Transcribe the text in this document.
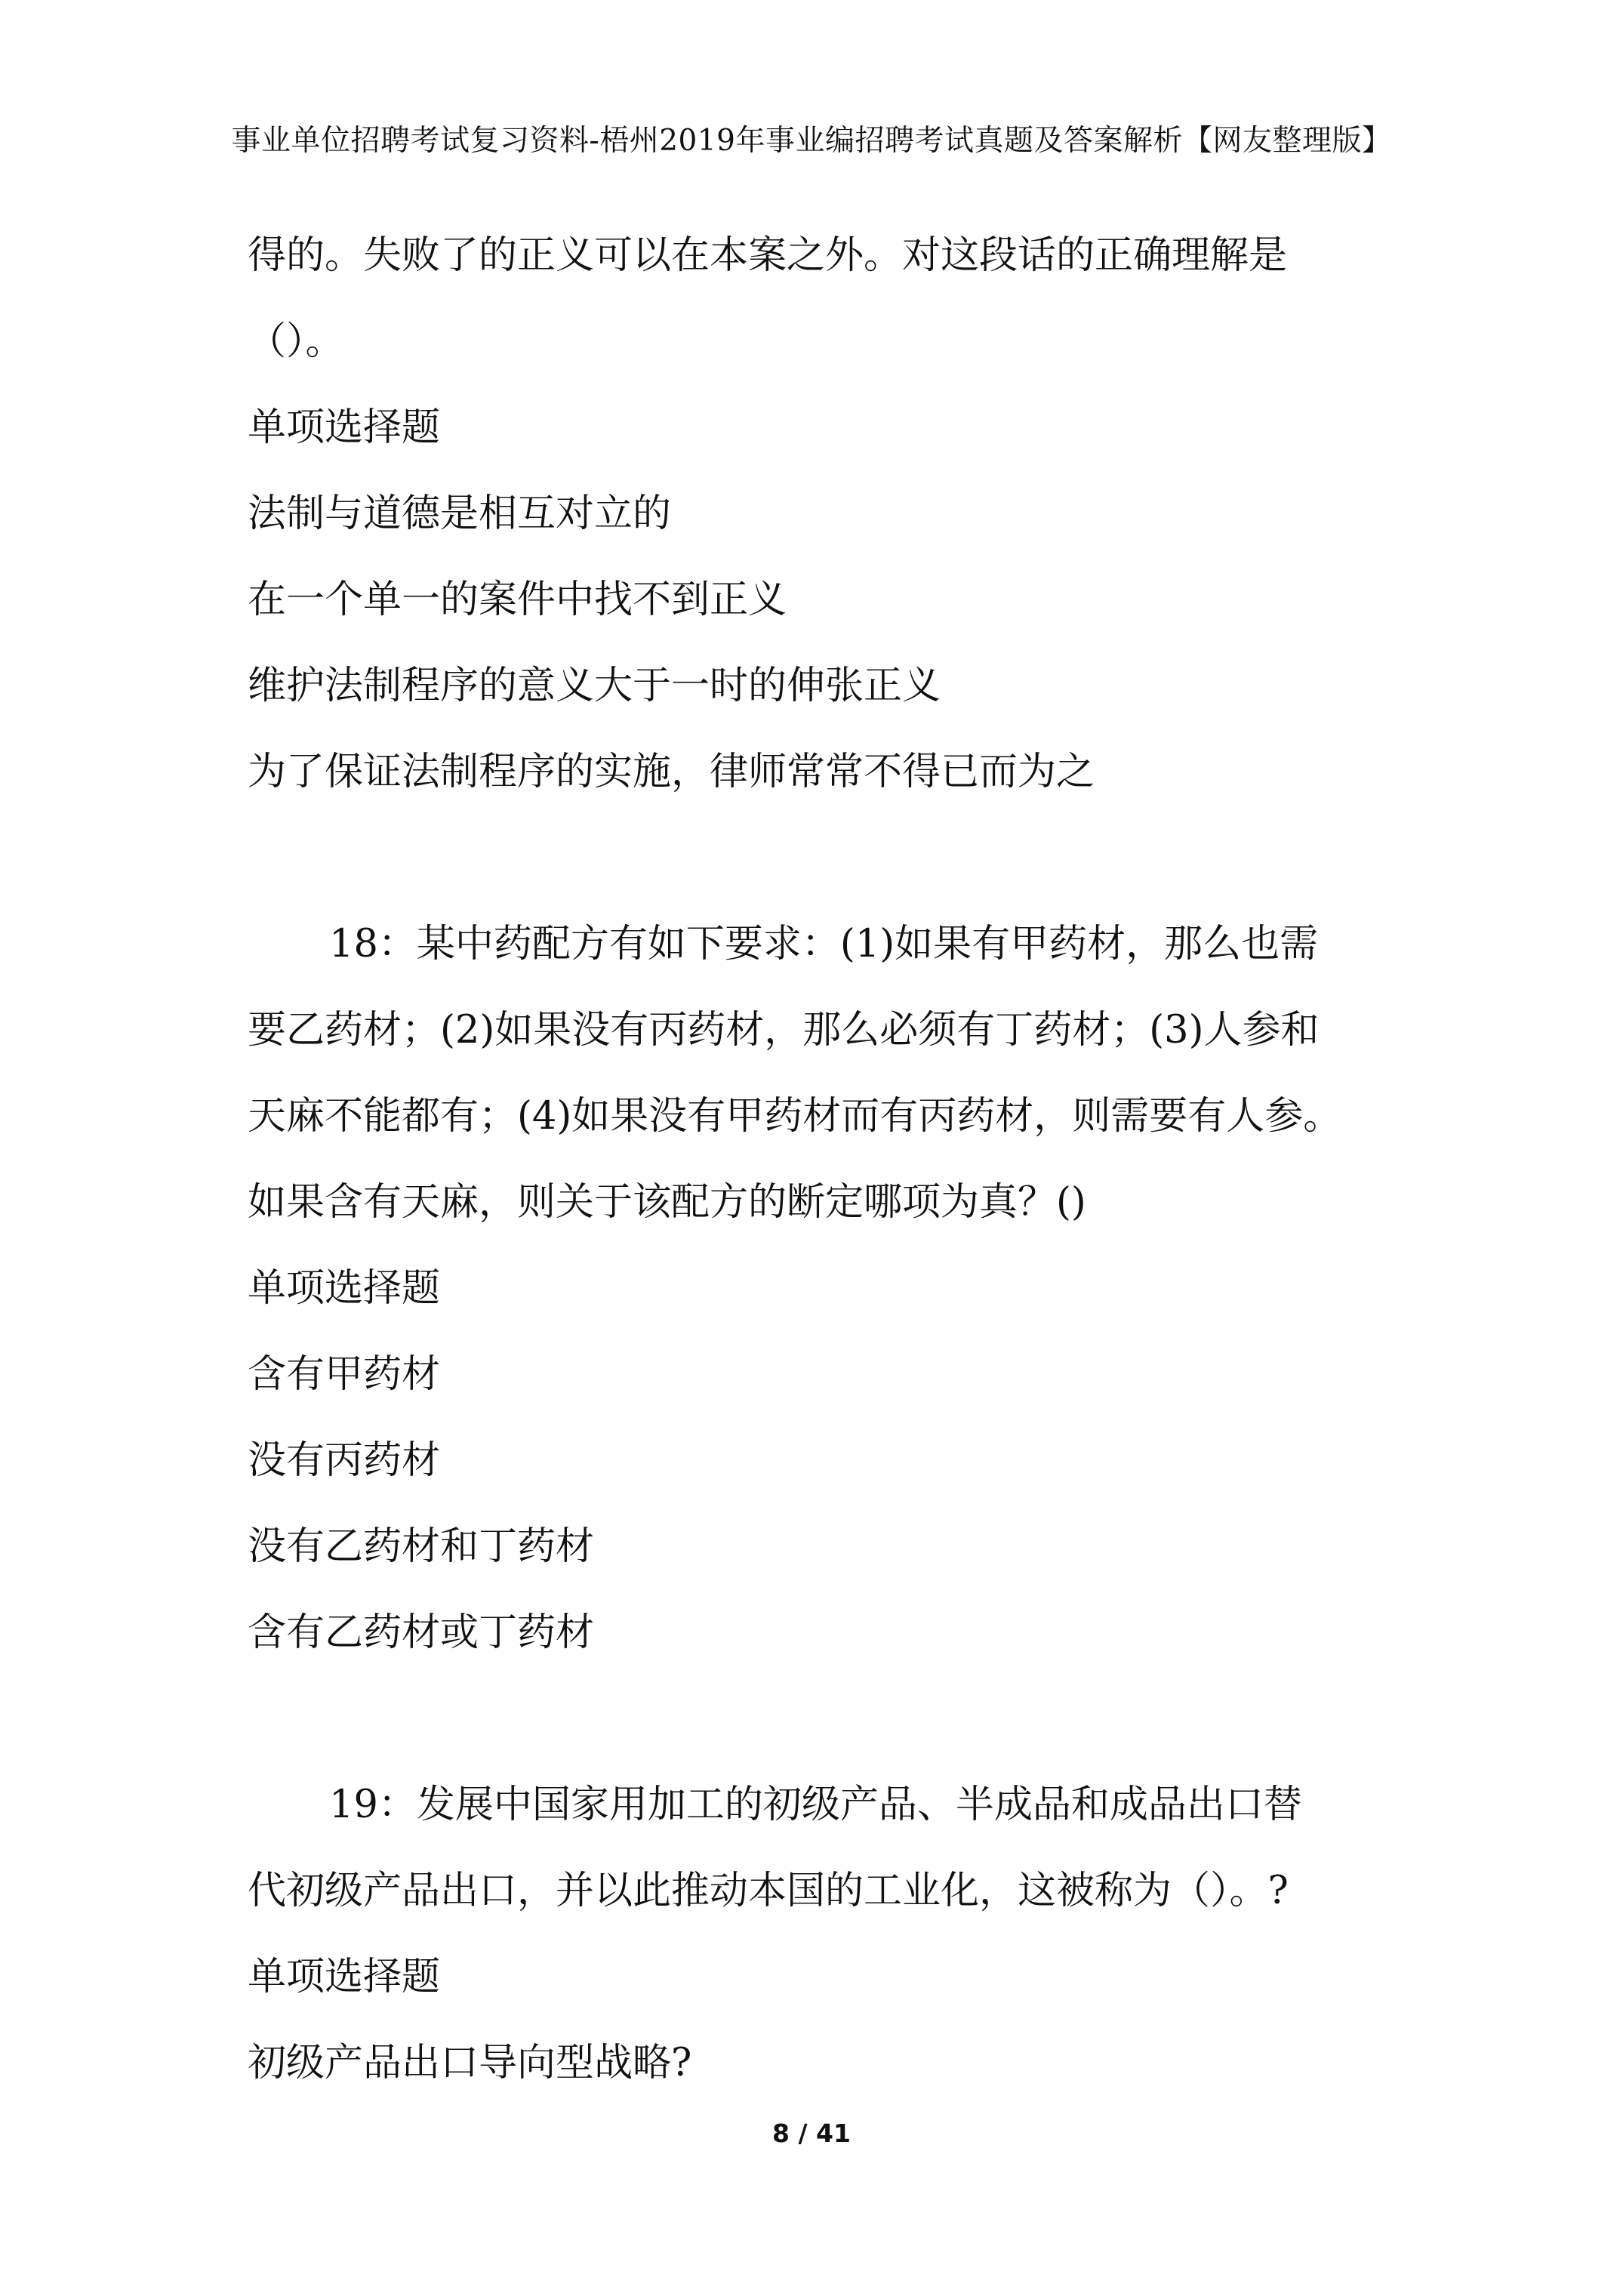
事业单位招聘考试复习资料-梧州2019年事业编招聘考试真题及答案解析【网友整理版】
得的。失败了的正义可以在本案之外。对这段话的正确理解是
（）。
单项选择题
法制与道德是相互对立的
在一个单一的案件中找不到正义
维护法制程序的意义大于一时的伸张正义
为了保证法制程序的实施，律师常常不得已而为之
18：某中药配方有如下要求：(1)如果有甲药材，那么也需
要乙药材；(2)如果没有丙药材，那么必须有丁药材；(3)人参和
天麻不能都有；(4)如果没有甲药材而有丙药材，则需要有人参。
如果含有天麻，则关于该配方的断定哪项为真？()
单项选择题
含有甲药材
没有丙药材
没有乙药材和丁药材
含有乙药材或丁药材
19：发展中国家用加工的初级产品、半成品和成品出口替
代初级产品出口，并以此推动本国的工业化，这被称为（）。?
单项选择题
初级产品出口导向型战略?
8 / 41
